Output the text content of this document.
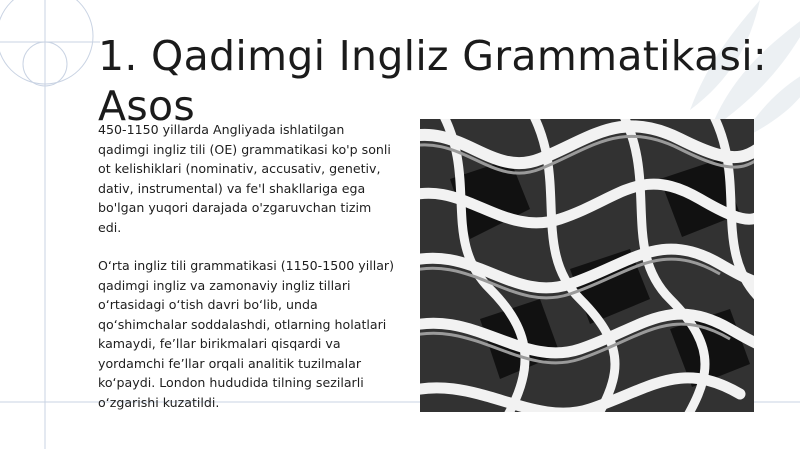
1. Qadimgi Ingliz Grammatikasi: Asos

450-1150 yillarda Angliyada ishlatilgan qadimgi ingliz tili (OE) grammatikasi ko'p sonli ot kelishiklari (nominativ, accusativ, genetiv, dativ, instrumental) va fe'l shakllariga ega bo'lgan yuqori darajada o'zgaruvchan tizim edi.

O‘rta ingliz tili grammatikasi (1150-1500 yillar) qadimgi ingliz va zamonaviy ingliz tillari o‘rtasidagi o‘tish davri bo‘lib, unda qo‘shimchalar soddalashdi, otlarning holatlari kamaydi, fe’llar birikmalari qisqardi va yordamchi fe’llar orqali analitik tuzilmalar ko‘paydi. London hududida tilning sezilarli o‘zgarishi kuzatildi.
